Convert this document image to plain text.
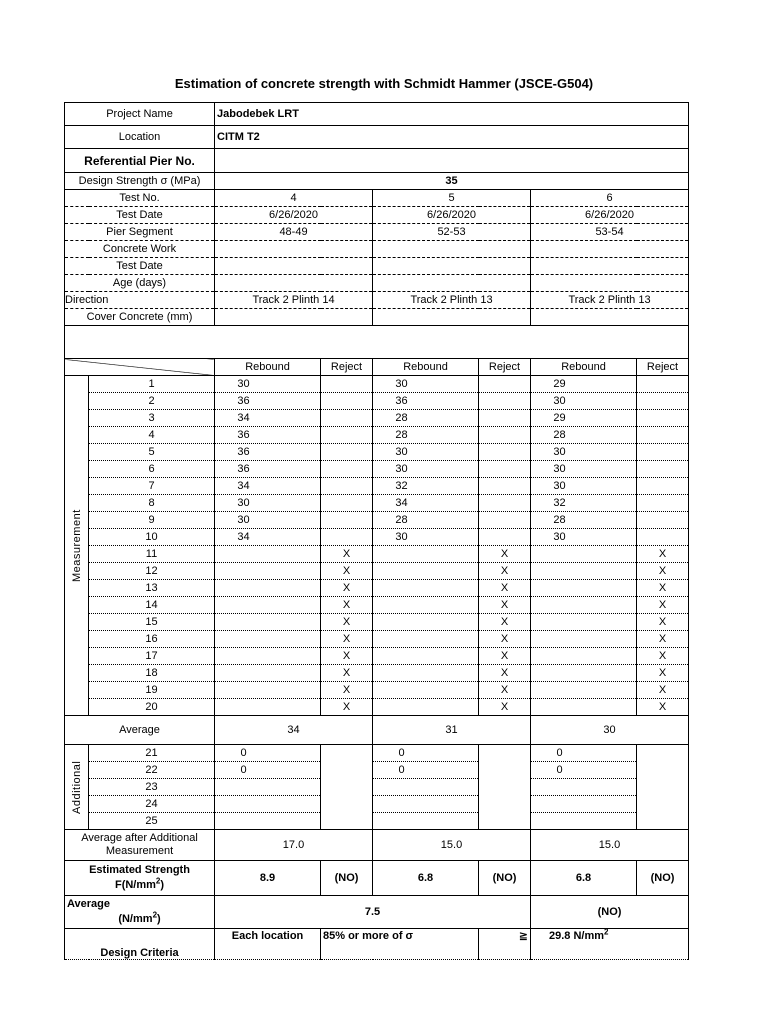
Estimation of concrete strength with Schmidt Hammer (JSCE-G504)
Project Name		Jabodebek LRT					
Location		CITM T2					
Referential Pier No.							
Design Strength σ (MPa)		35					
Test No.		4		5		6	
Test Date		6/26/2020		6/26/2020		6/26/2020	
Pier Segment		48-49		52-53		53-54	
Concrete Work							
Test Date							
Age (days)							
Direction		Track 2 Plinth 14		Track 2 Plinth 13		Track 2 Plinth 13	
Cover Concrete (mm)							

		Rebound	Reject	Rebound	Reject	Rebound	Reject
Measurement	1	30		30		29	
	2	36		36		30	
	3	34		28		29	
	4	36		28		28	
	5	36		30		30	
	6	36		30		30	
	7	34		32		30	
	8	30		34		32	
	9	30		28		28	
	10	34		30		30	
	11		X		X		X
	12		X		X		X
	13		X		X		X
	14		X		X		X
	15		X		X		X
	16		X		X		X
	17		X		X		X
	18		X		X		X
	19		X		X		X
	20		X		X		X
Average		34		31		30	
Additional	21	0		0		0	
	22	0		0		0	
	23						
	24						
	25						
Average after Additional Measurement		17.0		15.0		15.0	

Estimated Strength
$F(N/mm^2)$		8.9	(NO)	6.8	(NO)	6.8	(NO)

Average
$(N/mm^2)$		7.5				(NO)	
Design Criteria		Each location	85% or more of σ		≧	29.8 $N/mm^2$
